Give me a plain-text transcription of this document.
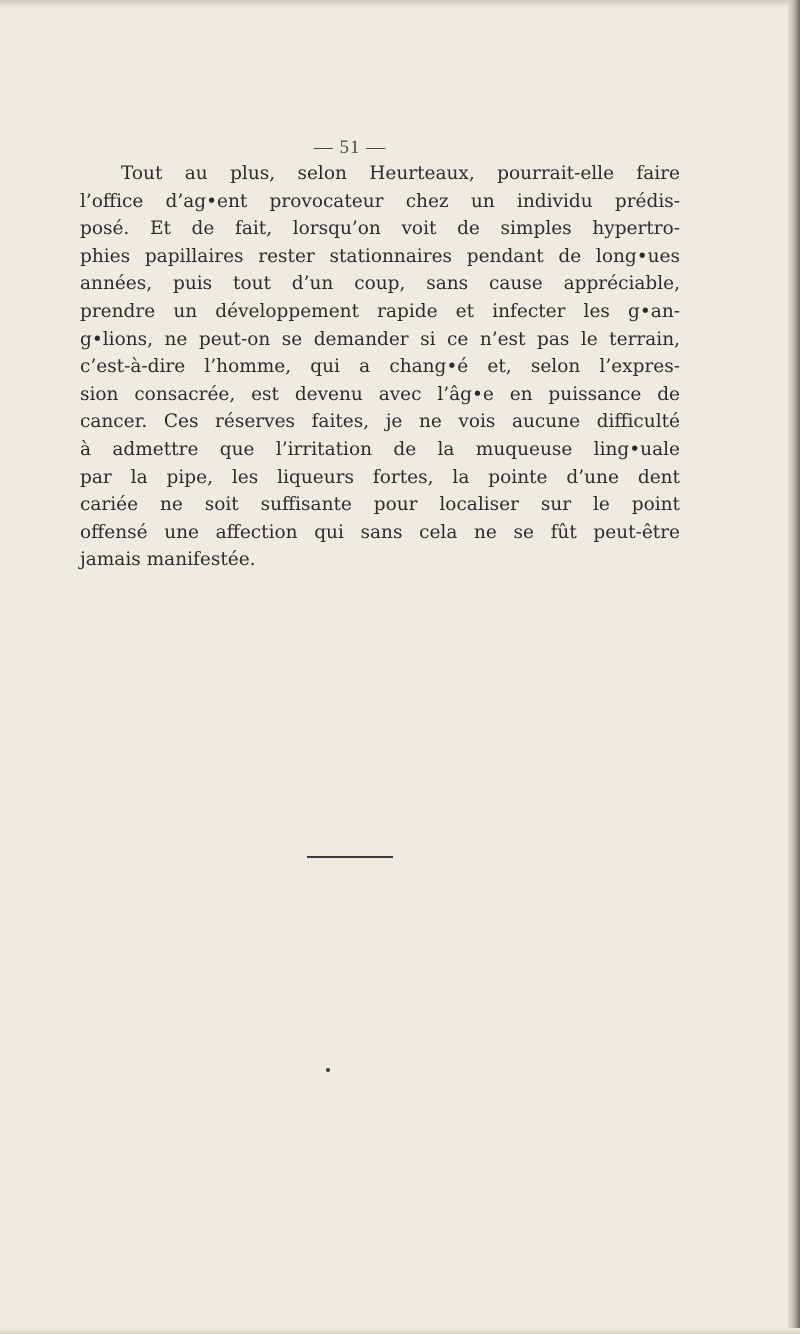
— 51 —
Tout au plus, selon Heurteaux, pourrait-elle faire
l’office d’ag•ent provocateur chez un individu prédis-
posé. Et de fait, lorsqu’on voit de simples hypertro-
phies papillaires rester stationnaires pendant de long•ues
années, puis tout d’un coup, sans cause appréciable,
prendre un développement rapide et infecter les g•an-
g•lions, ne peut-on se demander si ce n’est pas le terrain,
c’est-à-dire l’homme, qui a chang•é et, selon l’expres-
sion consacrée, est devenu avec l’âg•e en puissance de
cancer. Ces réserves faites, je ne vois aucune difficulté
à admettre que l’irritation de la muqueuse ling•uale
par la pipe, les liqueurs fortes, la pointe d’une dent
cariée ne soit suffisante pour localiser sur le point
offensé une affection qui sans cela ne se fût peut-être
jamais manifestée.
